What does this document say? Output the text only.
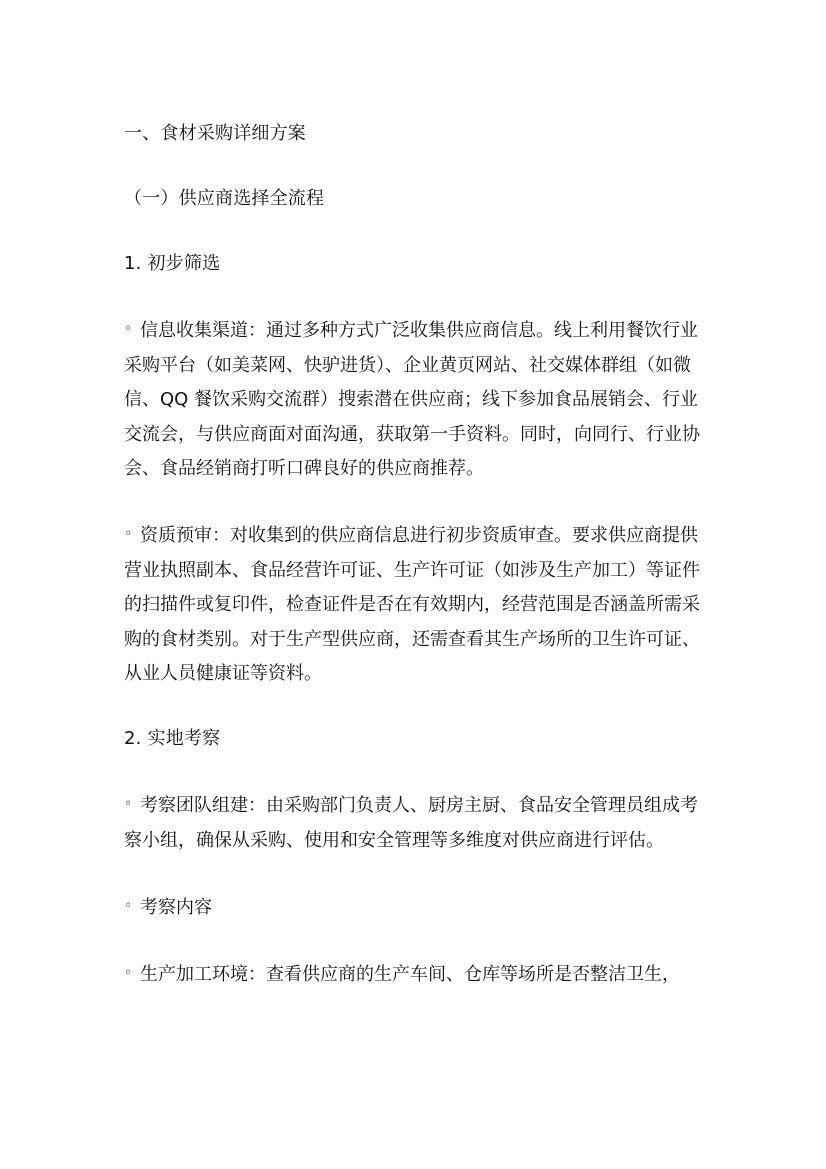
一、食材采购详细方案

（一）供应商选择全流程

1. 初步筛选

◦ 信息收集渠道：通过多种方式广泛收集供应商信息。线上利用餐饮行业采购平台（如美菜网、快驴进货）、企业黄页网站、社交媒体群组（如微信、QQ 餐饮采购交流群）搜索潜在供应商；线下参加食品展销会、行业交流会，与供应商面对面沟通，获取第一手资料。同时，向同行、行业协会、食品经销商打听口碑良好的供应商推荐。

◦ 资质预审：对收集到的供应商信息进行初步资质审查。要求供应商提供营业执照副本、食品经营许可证、生产许可证（如涉及生产加工）等证件的扫描件或复印件，检查证件是否在有效期内，经营范围是否涵盖所需采购的食材类别。对于生产型供应商，还需查看其生产场所的卫生许可证、从业人员健康证等资料。

2. 实地考察

◦ 考察团队组建：由采购部门负责人、厨房主厨、食品安全管理员组成考察小组，确保从采购、使用和安全管理等多维度对供应商进行评估。

◦ 考察内容

◦ 生产加工环境：查看供应商的生产车间、仓库等场所是否整洁卫生，
